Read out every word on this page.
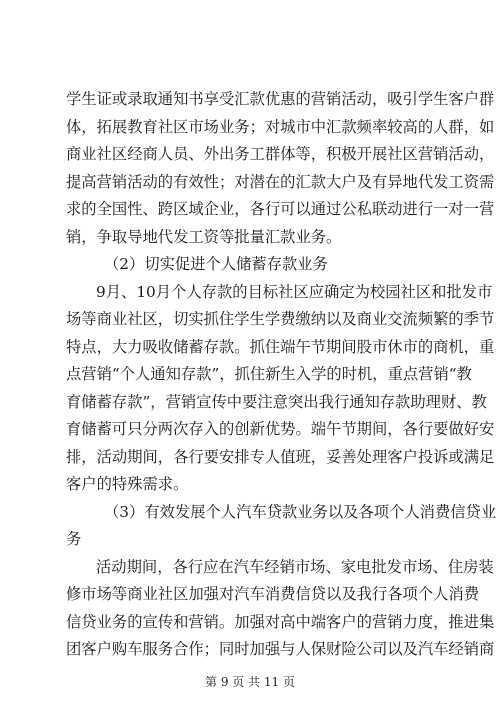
学生证或录取通知书享受汇款优惠的营销活动，吸引学生客户群
体，拓展教育社区市场业务；对城市中汇款频率较高的人群，如
商业社区经商人员、外出务工群体等，积极开展社区营销活动，
提高营销活动的有效性；对潜在的汇款大户及有异地代发工资需
求的全国性、跨区域企业，各行可以通过公私联动进行一对一营
销，争取导地代发工资等批量汇款业务。
（2）切实促进个人储蓄存款业务
9月、10月个人存款的目标社区应确定为校园社区和批发市
场等商业社区，切实抓住学生学费缴纳以及商业交流频繁的季节
特点，大力吸收储蓄存款。抓住端午节期间股市休市的商机，重
点营销“个人通知存款”，抓住新生入学的时机，重点营销“教
育储蓄存款”，营销宣传中要注意突出我行通知存款助理财、教
育储蓄可只分两次存入的创新优势。端午节期间，各行要做好安
排，活动期间，各行要安排专人值班，妥善处理客户投诉或满足
客户的特殊需求。
（3）有效发展个人汽车贷款业务以及各项个人消费信贷业
务
活动期间，各行应在汽车经销市场、家电批发市场、住房装
修市场等商业社区加强对汽车消费信贷以及我行各项个人消费
信贷业务的宣传和营销。加强对高中端客户的营销力度，推进集
团客户购车服务合作；同时加强与人保财险公司以及汽车经销商
第 9 页 共 11 页
